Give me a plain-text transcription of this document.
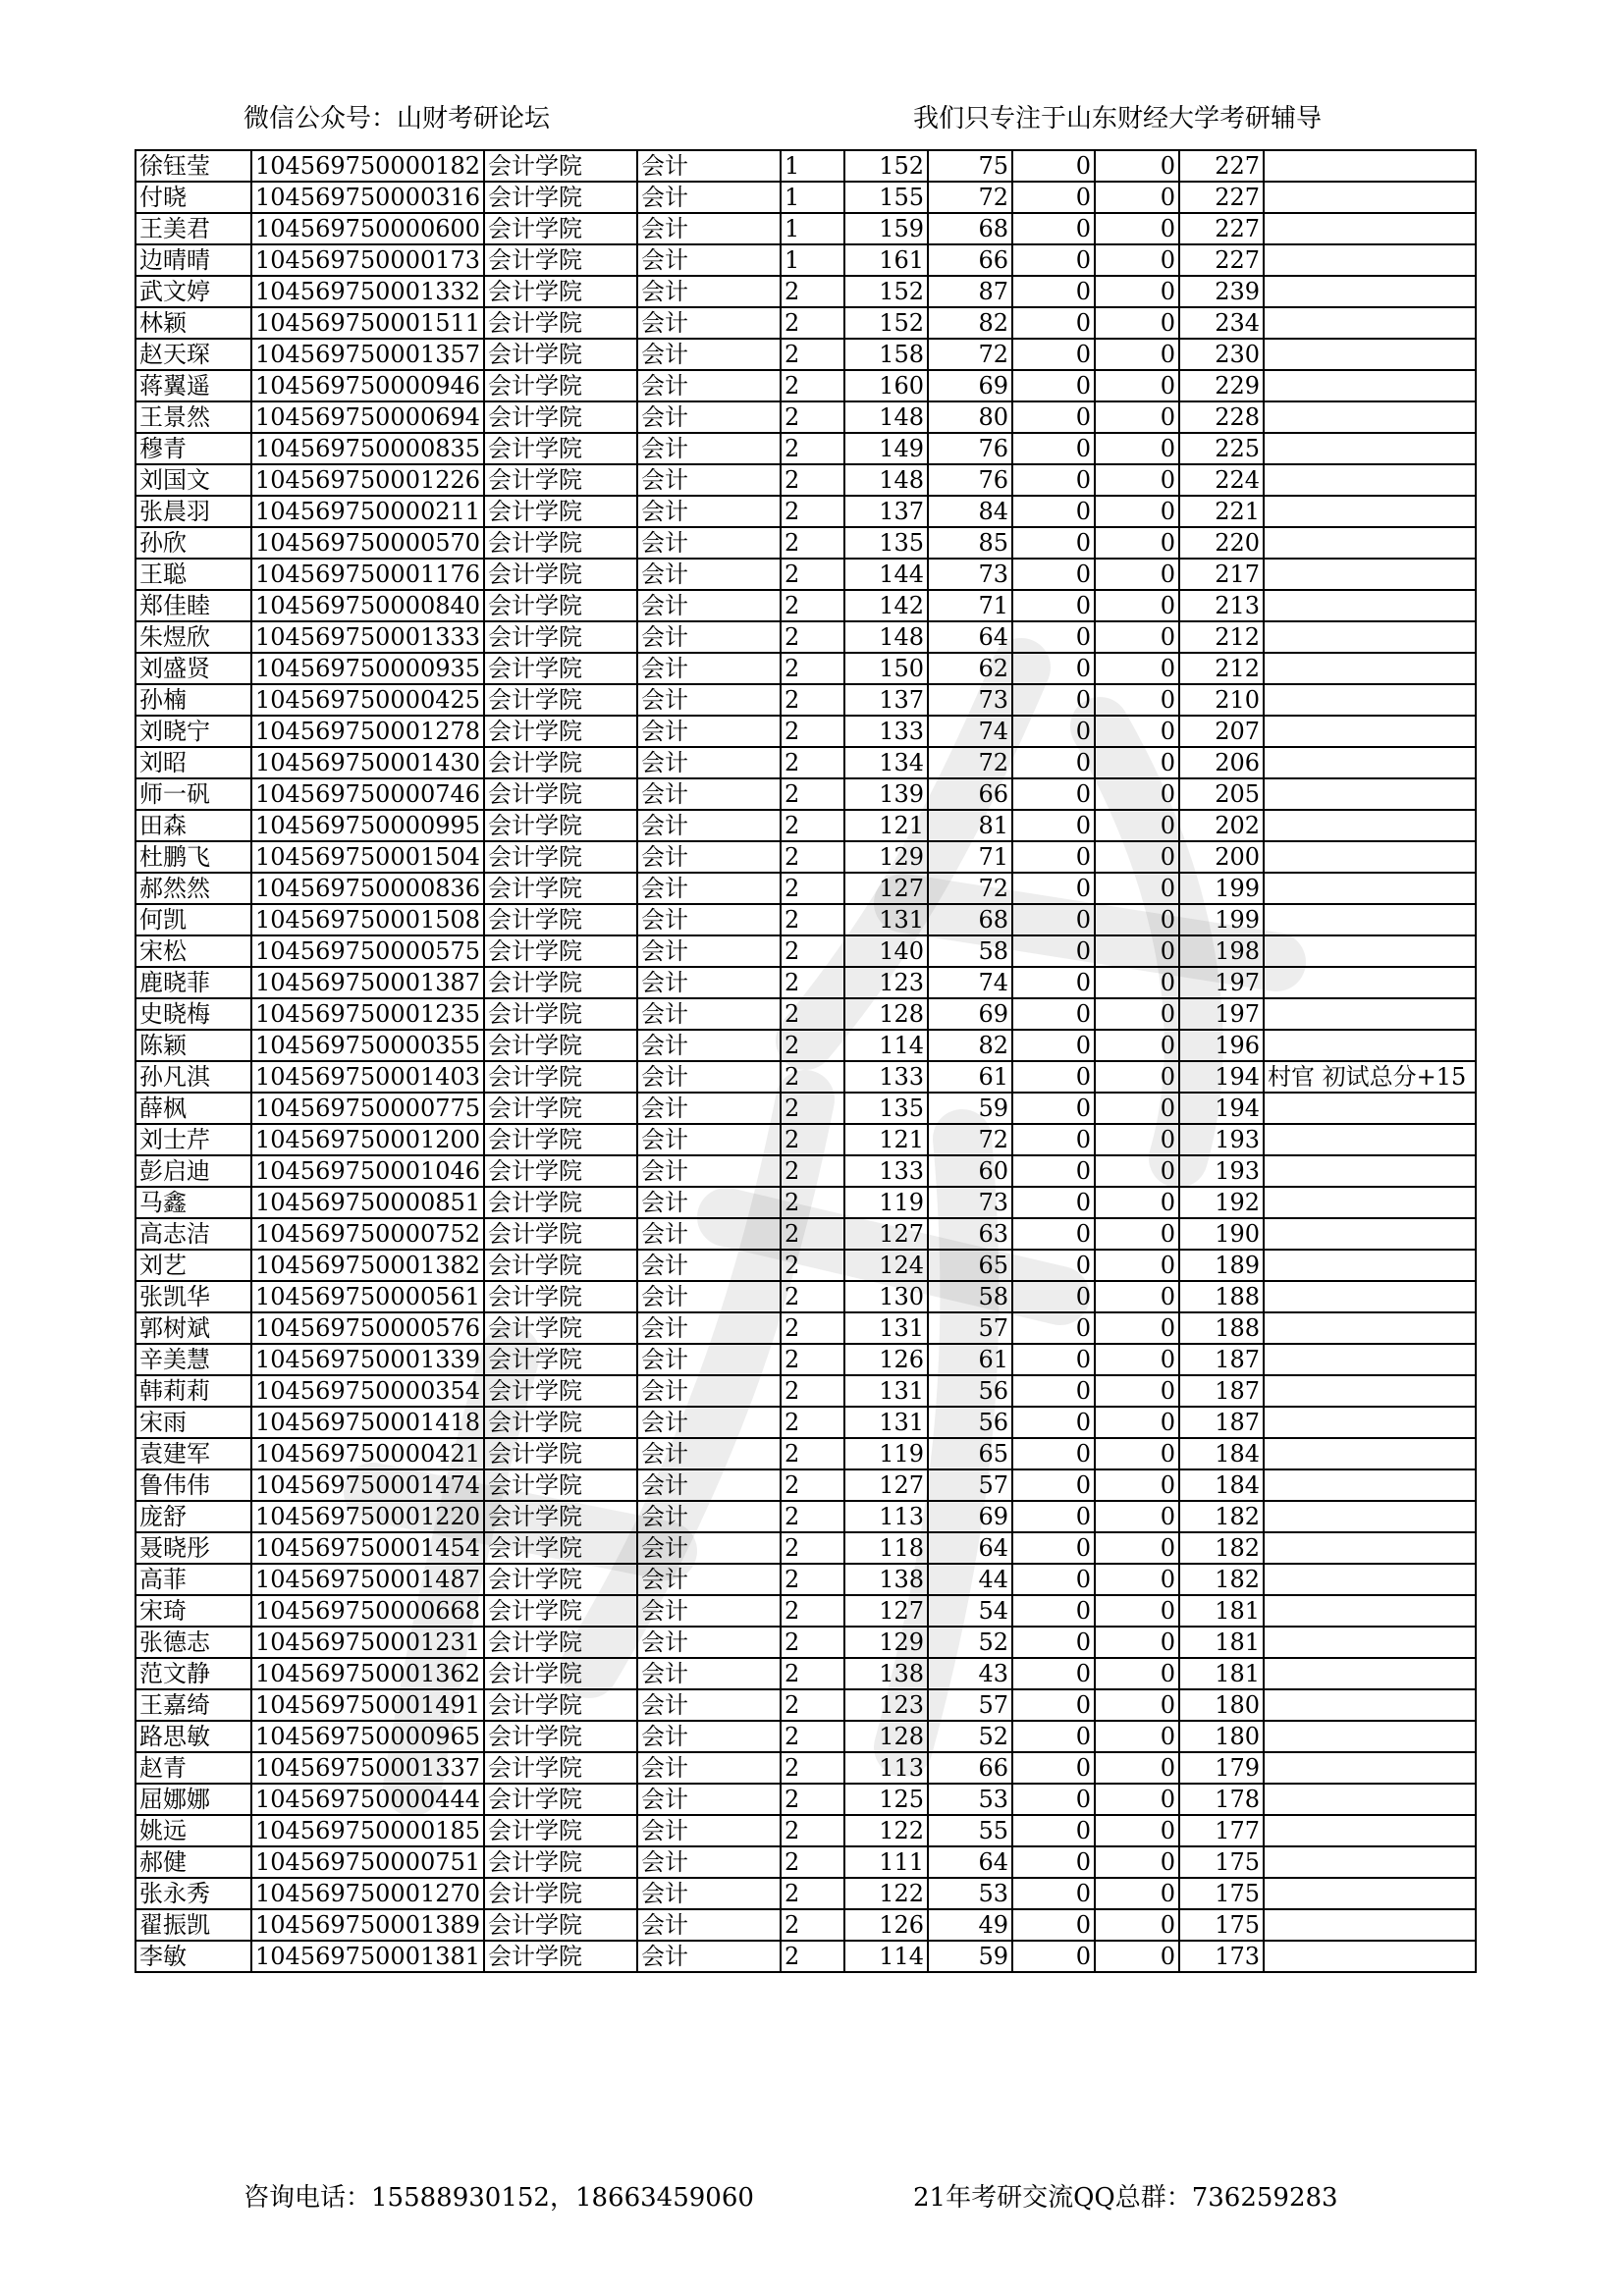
微信公众号：山财考研论坛	我们只专注于山东财经大学考研辅导
徐钰莹	104569750000182	会计学院	会计	1	152	75	0	0	227	
付晓	104569750000316	会计学院	会计	1	155	72	0	0	227	
王美君	104569750000600	会计学院	会计	1	159	68	0	0	227	
边晴晴	104569750000173	会计学院	会计	1	161	66	0	0	227	
武文婷	104569750001332	会计学院	会计	2	152	87	0	0	239	
林颖	104569750001511	会计学院	会计	2	152	82	0	0	234	
赵天琛	104569750001357	会计学院	会计	2	158	72	0	0	230	
蒋翼遥	104569750000946	会计学院	会计	2	160	69	0	0	229	
王景然	104569750000694	会计学院	会计	2	148	80	0	0	228	
穆青	104569750000835	会计学院	会计	2	149	76	0	0	225	
刘国文	104569750001226	会计学院	会计	2	148	76	0	0	224	
张晨羽	104569750000211	会计学院	会计	2	137	84	0	0	221	
孙欣	104569750000570	会计学院	会计	2	135	85	0	0	220	
王聪	104569750001176	会计学院	会计	2	144	73	0	0	217	
郑佳睦	104569750000840	会计学院	会计	2	142	71	0	0	213	
朱煜欣	104569750001333	会计学院	会计	2	148	64	0	0	212	
刘盛贤	104569750000935	会计学院	会计	2	150	62	0	0	212	
孙楠	104569750000425	会计学院	会计	2	137	73	0	0	210	
刘晓宁	104569750001278	会计学院	会计	2	133	74	0	0	207	
刘昭	104569750001430	会计学院	会计	2	134	72	0	0	206	
师一矾	104569750000746	会计学院	会计	2	139	66	0	0	205	
田森	104569750000995	会计学院	会计	2	121	81	0	0	202	
杜鹏飞	104569750001504	会计学院	会计	2	129	71	0	0	200	
郝然然	104569750000836	会计学院	会计	2	127	72	0	0	199	
何凯	104569750001508	会计学院	会计	2	131	68	0	0	199	
宋松	104569750000575	会计学院	会计	2	140	58	0	0	198	
鹿晓菲	104569750001387	会计学院	会计	2	123	74	0	0	197	
史晓梅	104569750001235	会计学院	会计	2	128	69	0	0	197	
陈颖	104569750000355	会计学院	会计	2	114	82	0	0	196	
孙凡淇	104569750001403	会计学院	会计	2	133	61	0	0	194	村官 初试总分+15
薛枫	104569750000775	会计学院	会计	2	135	59	0	0	194	
刘士芹	104569750001200	会计学院	会计	2	121	72	0	0	193	
彭启迪	104569750001046	会计学院	会计	2	133	60	0	0	193	
马鑫	104569750000851	会计学院	会计	2	119	73	0	0	192	
高志洁	104569750000752	会计学院	会计	2	127	63	0	0	190	
刘艺	104569750001382	会计学院	会计	2	124	65	0	0	189	
张凯华	104569750000561	会计学院	会计	2	130	58	0	0	188	
郭树斌	104569750000576	会计学院	会计	2	131	57	0	0	188	
辛美慧	104569750001339	会计学院	会计	2	126	61	0	0	187	
韩莉莉	104569750000354	会计学院	会计	2	131	56	0	0	187	
宋雨	104569750001418	会计学院	会计	2	131	56	0	0	187	
袁建军	104569750000421	会计学院	会计	2	119	65	0	0	184	
鲁伟伟	104569750001474	会计学院	会计	2	127	57	0	0	184	
庞舒	104569750001220	会计学院	会计	2	113	69	0	0	182	
聂晓彤	104569750001454	会计学院	会计	2	118	64	0	0	182	
高菲	104569750001487	会计学院	会计	2	138	44	0	0	182	
宋琦	104569750000668	会计学院	会计	2	127	54	0	0	181	
张德志	104569750001231	会计学院	会计	2	129	52	0	0	181	
范文静	104569750001362	会计学院	会计	2	138	43	0	0	181	
王嘉绮	104569750001491	会计学院	会计	2	123	57	0	0	180	
路思敏	104569750000965	会计学院	会计	2	128	52	0	0	180	
赵青	104569750001337	会计学院	会计	2	113	66	0	0	179	
屈娜娜	104569750000444	会计学院	会计	2	125	53	0	0	178	
姚远	104569750000185	会计学院	会计	2	122	55	0	0	177	
郝健	104569750000751	会计学院	会计	2	111	64	0	0	175	
张永秀	104569750001270	会计学院	会计	2	122	53	0	0	175	
翟振凯	104569750001389	会计学院	会计	2	126	49	0	0	175	
李敏	104569750001381	会计学院	会计	2	114	59	0	0	173	
咨询电话：15588930152，18663459060	21年考研交流QQ总群：736259283
